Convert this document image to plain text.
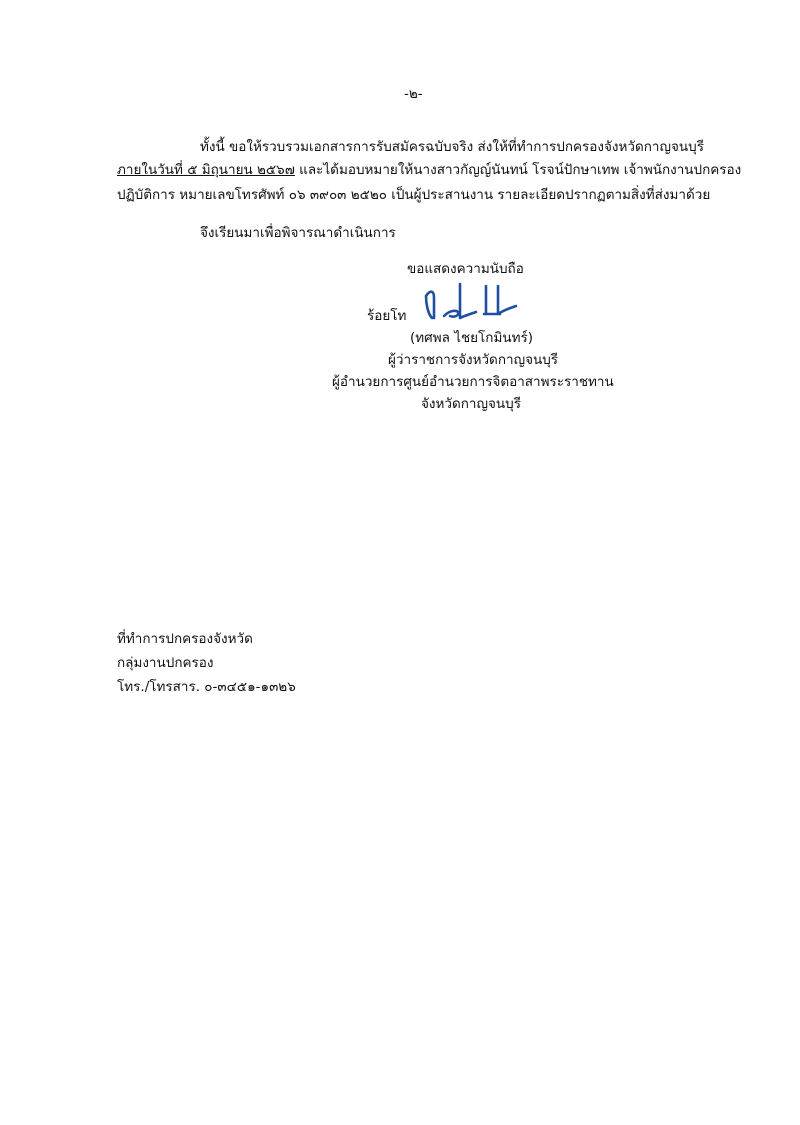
-๒-
ทั้งนี้ ขอให้รวบรวมเอกสารการรับสมัครฉบับจริง ส่งให้ที่ทำการปกครองจังหวัดกาญจนบุรี
ภายในวันที่ ๕ มิถุนายน ๒๕๖๗ และได้มอบหมายให้นางสาวกัญญ์นันทน์ โรจน์ปักษาเทพ เจ้าพนักงานปกครอง
ปฏิบัติการ หมายเลขโทรศัพท์ ๐๖ ๓๙๐๓ ๒๕๒๐ เป็นผู้ประสานงาน รายละเอียดปรากฏตามสิ่งที่ส่งมาด้วย
จึงเรียนมาเพื่อพิจารณาดำเนินการ
ขอแสดงความนับถือ
ร้อยโท
(ทศพล ไชยโกมินทร์)
ผู้ว่าราชการจังหวัดกาญจนบุรี
ผู้อำนวยการศูนย์อำนวยการจิตอาสาพระราชทาน
จังหวัดกาญจนบุรี
ที่ทำการปกครองจังหวัด
กลุ่มงานปกครอง
โทร./โทรสาร. ๐-๓๔๕๑-๑๓๒๖
